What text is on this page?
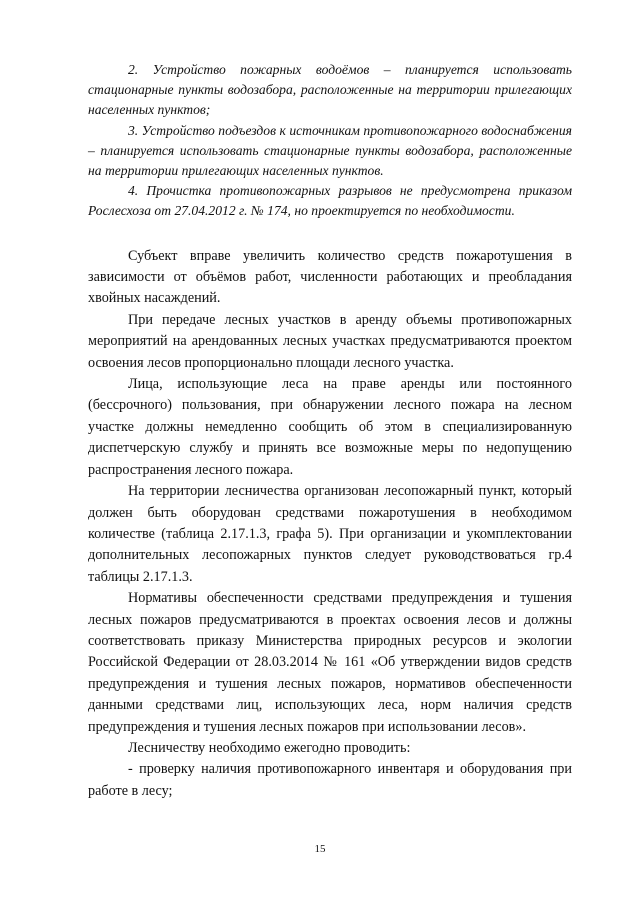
2. Устройство пожарных водоёмов – планируется использовать стационарные пункты водозабора, расположенные на территории прилегающих населенных пунктов;

3. Устройство подъездов к источникам противопожарного водоснабжения – планируется использовать стационарные пункты водозабора, расположенные на территории прилегающих населенных пунктов.

4. Прочистка противопожарных разрывов не предусмотрена приказом Рослесхоза от 27.04.2012 г. № 174, но проектируется по необходимости.

Субъект вправе увеличить количество средств пожаротушения в зависимости от объёмов работ, численности работающих и преобладания хвойных насаждений.

При передаче лесных участков в аренду объемы противопожарных мероприятий на арендованных лесных участках предусматриваются проектом освоения лесов пропорционально площади лесного участка.

Лица, использующие леса на праве аренды или постоянного (бессрочного) пользования, при обнаружении лесного пожара на лесном участке должны немедленно сообщить об этом в специализированную диспетчерскую службу и принять все возможные меры по недопущению распространения лесного пожара.

На территории лесничества организован лесопожарный пункт, который должен быть оборудован средствами пожаротушения в необходимом количестве (таблица 2.17.1.3, графа 5). При организации и укомплектовании дополнительных лесопожарных пунктов следует руководствоваться гр.4 таблицы 2.17.1.3.

Нормативы обеспеченности средствами предупреждения и тушения лесных пожаров предусматриваются в проектах освоения лесов и должны соответствовать приказу Министерства природных ресурсов и экологии Российской Федерации от 28.03.2014 № 161 «Об утверждении видов средств предупреждения и тушения лесных пожаров, нормативов обеспеченности данными средствами лиц, использующих леса, норм наличия средств предупреждения и тушения лесных пожаров при использовании лесов».

Лесничеству необходимо ежегодно проводить:

- проверку наличия противопожарного инвентаря и оборудования при работе в лесу;

15
